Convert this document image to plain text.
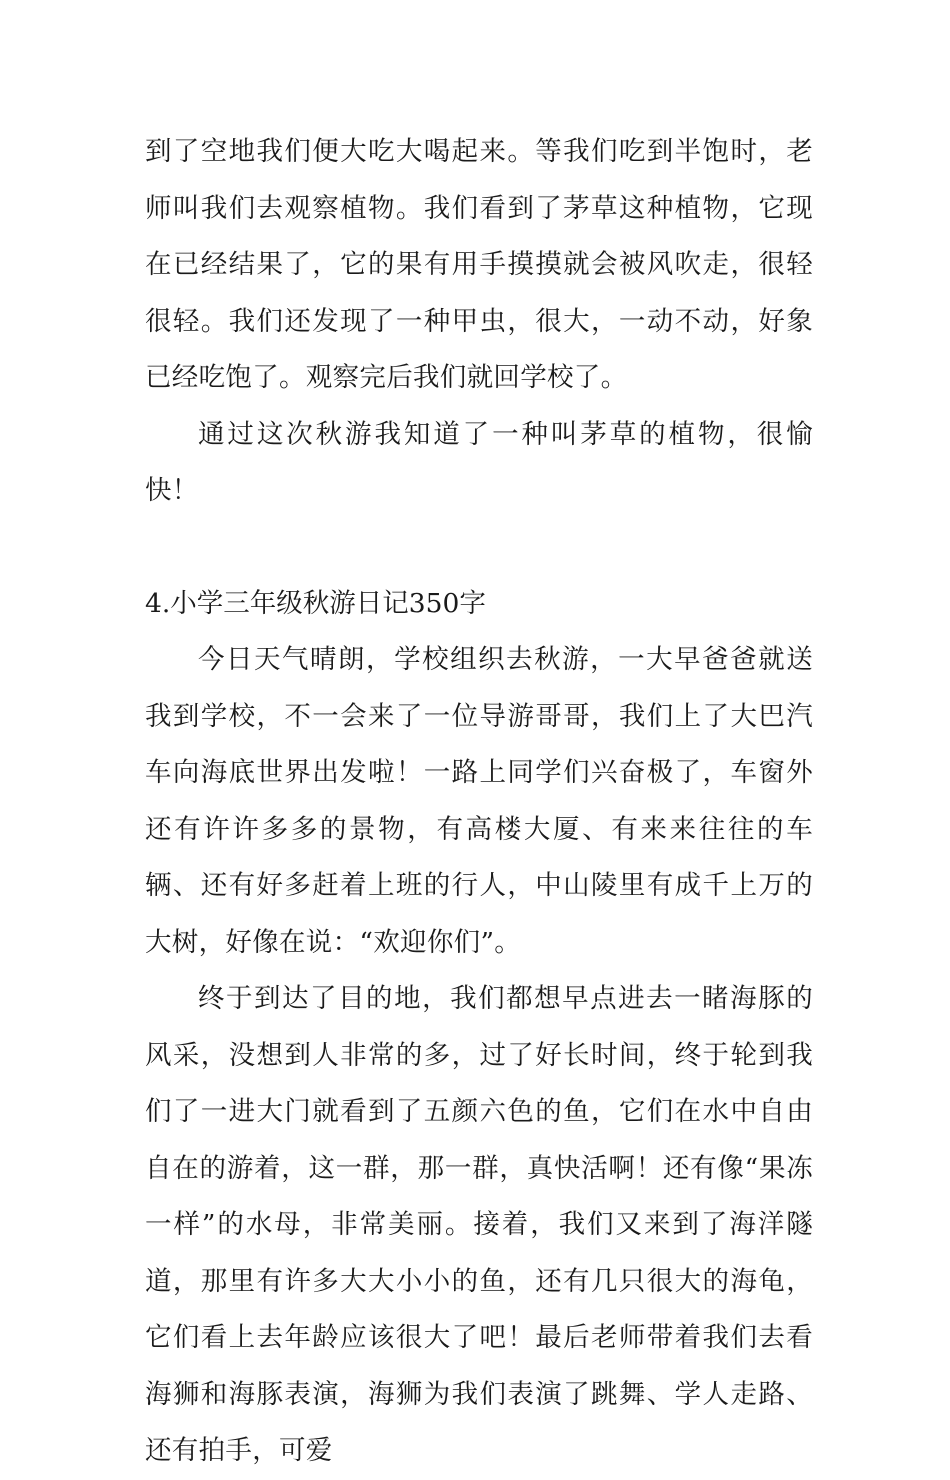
到了空地我们便大吃大喝起来。等我们吃到半饱时，老师叫我们去观察植物。我们看到了茅草这种植物，它现在已经结果了，它的果有用手摸摸就会被风吹走，很轻很轻。我们还发现了一种甲虫，很大，一动不动，好象已经吃饱了。观察完后我们就回学校了。

通过这次秋游我知道了一种叫茅草的植物，很愉快！

4.小学三年级秋游日记350字

今日天气晴朗，学校组织去秋游，一大早爸爸就送我到学校，不一会来了一位导游哥哥，我们上了大巴汽车向海底世界出发啦！一路上同学们兴奋极了，车窗外还有许许多多的景物，有高楼大厦、有来来往往的车辆、还有好多赶着上班的行人，中山陵里有成千上万的大树，好像在说：“欢迎你们”。

终于到达了目的地，我们都想早点进去一睹海豚的风采，没想到人非常的多，过了好长时间，终于轮到我们了一进大门就看到了五颜六色的鱼，它们在水中自由自在的游着，这一群，那一群，真快活啊！还有像“果冻一样”的水母，非常美丽。接着，我们又来到了海洋隧道，那里有许多大大小小的鱼，还有几只很大的海龟，它们看上去年龄应该很大了吧！最后老师带着我们去看海狮和海豚表演，海狮为我们表演了跳舞、学人走路、还有拍手，可爱
